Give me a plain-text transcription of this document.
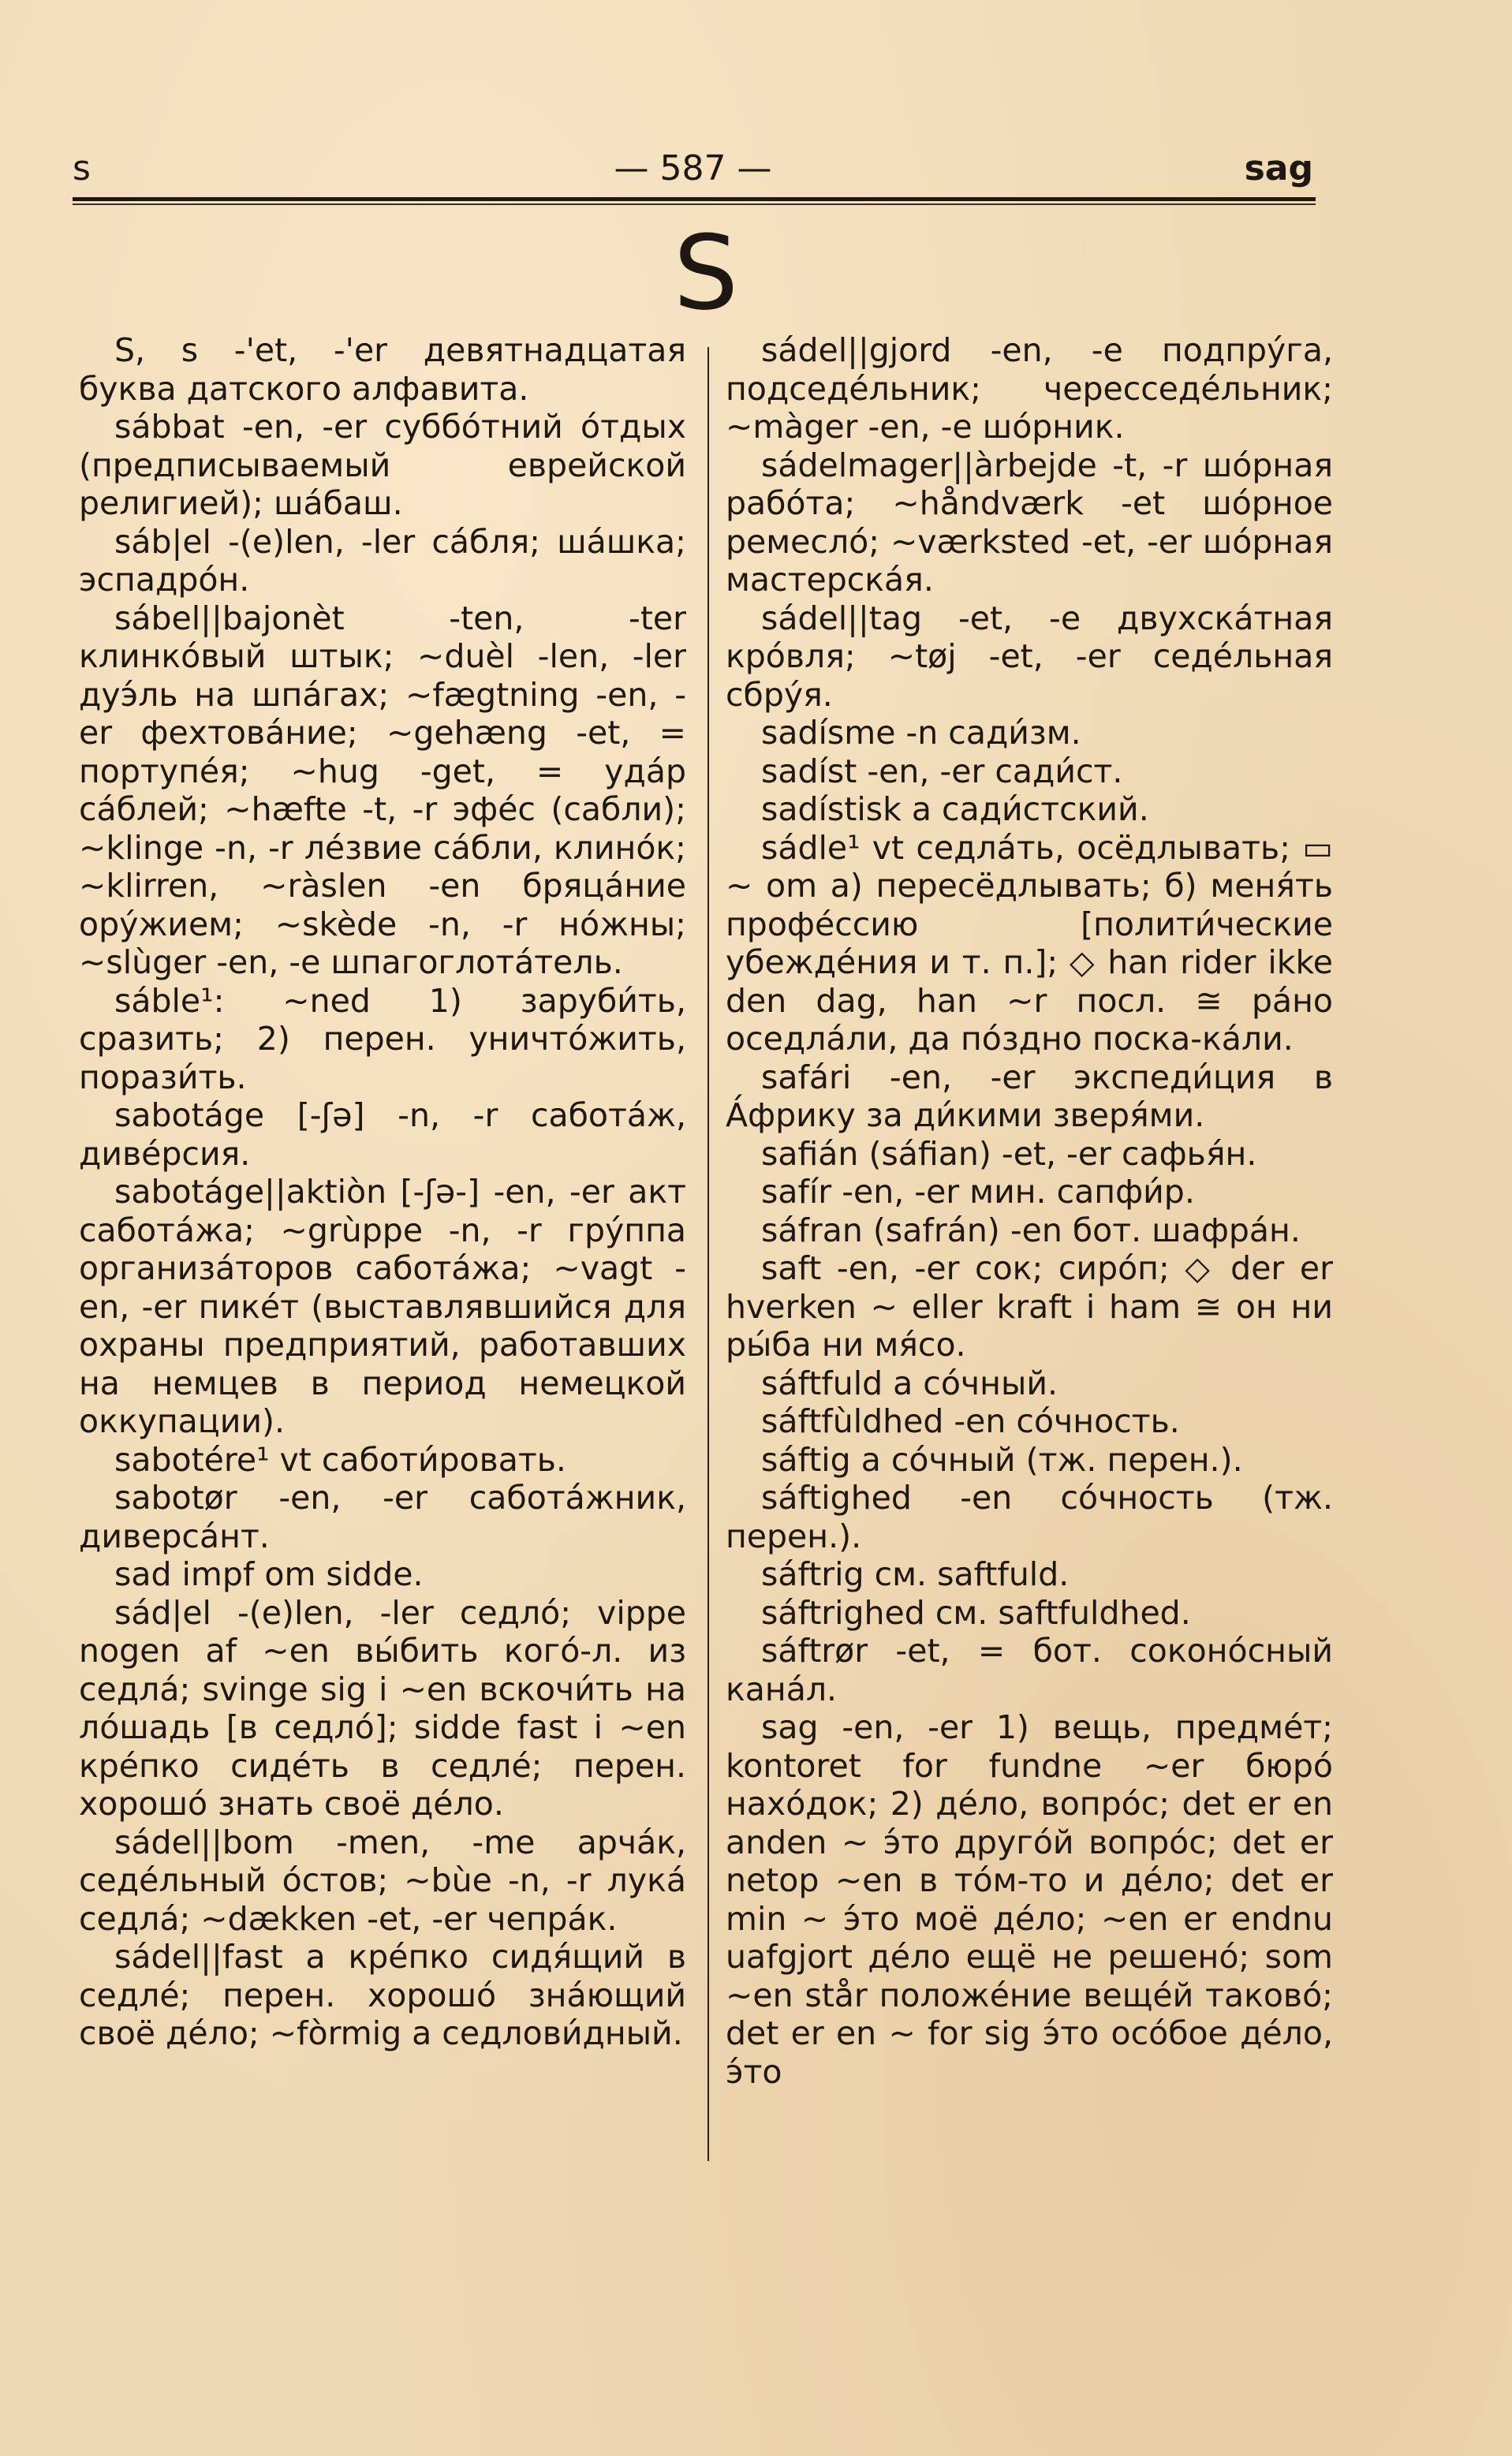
s	— 587 —	sag
S

S, s -'et, -'er девятнадцатая буква датского алфавита.

sábbat -en, -er суббо́тний о́тдых (предписываемый еврейской религией); ша́баш.

sáb|el -(e)len, -ler са́бля; ша́шка; эспадро́н.

sábel||bajonèt -ten, -ter клинко́вый штык; ~duèl -len, -ler дуэ́ль на шпа́гах; ~fægtning -en, -er фехтова́ние; ~gehæng -et, = портупе́я; ~hug -get, = уда́р са́блей; ~hæfte -t, -r эфе́с (сабли); ~klinge -n, -r ле́звие са́бли, клино́к; ~klirren, ~ràslen -en бряца́ние ору́жием; ~skède -n, -r но́жны; ~slùger -en, -e шпагоглота́тель.

sáble¹: ~ned 1) заруби́ть, сразить; 2) перен. уничто́жить, порази́ть.

sabotáge [-ʃə] -n, -r сабота́ж, дивéрсия.

sabotáge||aktiòn [-ʃə-] -en, -er акт сабота́жа; ~grùppe -n, -r гру́ппа организа́торов сабота́жа; ~vagt -en, -er пике́т (выставлявшийся для охраны предприятий, работавших на немцев в период немецкой оккупации).

sabotére¹ vt саботи́ровать.

sabotør -en, -er сабота́жник, диверса́нт.

sad impf om sidde.

sád|el -(e)len, -ler седло́; vippe nogen af ~en вы́бить кого́-л. из седла́; svinge sig i ~en вскочи́ть на ло́шадь [в седло́]; sidde fast i ~en кре́пко сиде́ть в седле́; перен. хорошо́ знать своё де́ло.

sádel||bom -men, -me арча́к, седе́льный о́стов; ~bùe -n, -r лука́ седла́; ~dækken -et, -er чепра́к.

sádel||fast a кре́пко сидя́щий в седле́; перен. хорошо́ зна́ющий своё де́ло; ~fòrmig a седлови́дный.

sádel||gjord -en, -e подпру́га, подседе́льник; чересседе́льник; ~màger -en, -e шо́рник.

sádelmager||àrbejde -t, -r шо́рная рабо́та; ~håndværk -et шо́рное ремесло́; ~værksted -et, -er шо́рная мастерска́я.

sádel||tag -et, -e двухска́тная кро́вля; ~tøj -et, -er седе́льная сбру́я.

sadísme -n сади́зм.

sadíst -en, -er сади́ст.

sadístisk a сади́стский.

sádle¹ vt седла́ть, осёдлывать; ▭ ~ om а) пересёдлывать; б) меня́ть профе́ссию [полити́ческие убежде́ния и т. п.]; ◇ han rider ikke den dag, han ~r посл. ≅ ра́но оседла́ли, да по́здно поска-ка́ли.

safári -en, -er экспеди́ция в А́фрику за ди́кими зверя́ми.

safián (sáfian) -et, -er сафья́н.

safír -en, -er мин. сапфи́р.

sáfran (safrán) -en бот. шафра́н.

saft -en, -er сок; сиро́п; ◇ der er hverken ~ eller kraft i ham ≅ он ни ры́ба ни мя́со.

sáftfuld a со́чный.

sáftfùldhed -en со́чность.

sáftig a со́чный (тж. перен.).

sáftighed -en со́чность (тж. перен.).

sáftrig см. saftfuld.

sáftrighed см. saftfuldhed.

sáftrør -et, = бот. соконо́сный кана́л.

sag -en, -er 1) вещь, предме́т; kontoret for fundne ~er бюро́ нахо́док; 2) де́ло, вопро́с; det er en anden ~ э́то друго́й вопро́с; det er netop ~en в то́м-то и де́ло; det er min ~ э́то моё де́ло; ~en er endnu uafgjort де́ло ещё не решено́; som ~en står положе́ние веще́й таково́; det er en ~ for sig э́то осо́бое де́ло, э́то
